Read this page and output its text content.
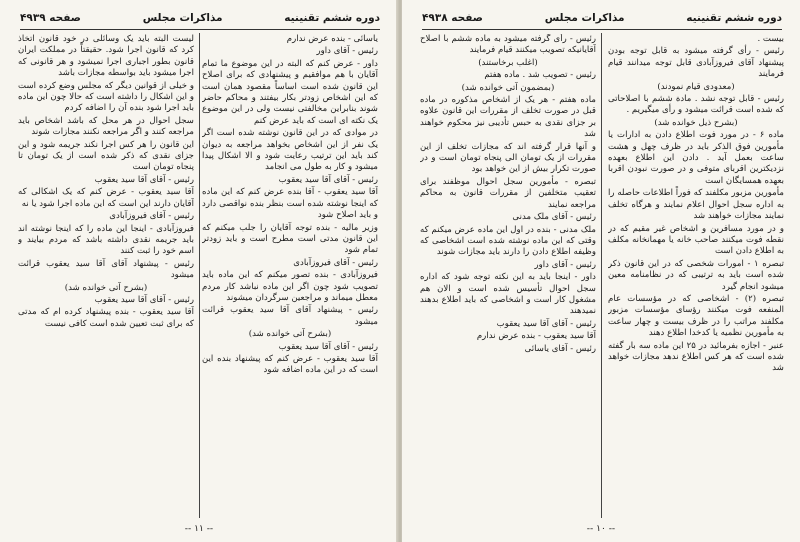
دوره ششم تقنینیه
مذاکرات مجلس
صفحه ۴۹۳۹

یاسائی - بنده عرض ندارم

رئیس - آقای داور

داور - عرض کنم که البته در این موضوع ما تمام آقایان با هم موافقیم و پیشنهادی که برای اصلاح این قانون شده است اساساً مقصود همان است که این اشخاص زودتر بکار بیفتند و محاکم حاضر شوند بنابراین مخالفتی نیست ولی در این موضوع یک نکته ای است که باید عرض کنم

در موادی که در این قانون نوشته شده است اگر یک نفر از این اشخاص بخواهد مراجعه به دیوان کند باید این ترتیب رعایت شود و الا اشکال پیدا میشود و کار به طول می انجامد

رئیس - آقای آقا سید یعقوب

آقا سید یعقوب - آقا بنده عرض کنم که این ماده که اینجا نوشته شده است بنظر بنده نواقصی دارد و باید اصلاح شود

وزیر مالیه - بنده توجه آقایان را جلب میکنم که این قانون مدتی است مطرح است و باید زودتر تمام شود

رئیس - آقای فیروزآبادی

فیروزآبادی - بنده تصور میکنم که این ماده باید تصویب شود چون اگر این ماده نباشد کار مردم معطل میماند و مراجعین سرگردان میشوند

رئیس - پیشنهاد آقای آقا سید یعقوب قرائت میشود

(بشرح آتی خوانده شد)

رئیس - آقای آقا سید یعقوب

آقا سید یعقوب - عرض کنم که پیشنهاد بنده این است که در این ماده اضافه شود

لیست البته باید یک وسائلی در خود قانون اتخاذ کرد که قانون اجرا شود. حقیقتاً در مملکت ایران قانون بطور اجباری اجرا نمیشود و هر قانونی که اجرا میشود باید بواسطه مجازات باشد

و خیلی از قوانین دیگر که مجلس وضع کرده است و این اشکال را داشته است که حالا چون این ماده باید اجرا شود بنده آن را اضافه کردم

سجل احوال در هر محل که باشد اشخاص باید مراجعه کنند و اگر مراجعه نکنند مجازات شوند

این قانون را هر کس اجرا نکند جریمه شود و این جزای نقدی که ذکر شده است از یک تومان تا پنجاه تومان است

رئیس - آقای آقا سید یعقوب

آقا سید یعقوب - عرض کنم که یک اشکالی که آقایان دارند این است که این ماده اجرا شود یا نه

رئیس - آقای فیروزآبادی

فیروزآبادی - اینجا این ماده را که اینجا نوشته اند باید جریمه نقدی داشته باشد که مردم بیایند و اسم خود را ثبت کنند

رئیس - پیشنهاد آقای آقا سید یعقوب قرائت میشود

(بشرح آتی خوانده شد)

رئیس - آقای آقا سید یعقوب

آقا سید یعقوب - بنده پیشنهاد کرده ام که مدتی که برای ثبت تعیین شده است کافی نیست

-- ۱۱ --
دوره ششم تقنینیه
مذاکرات مجلس
صفحه ۴۹۳۸

بیست .

رئیس - رأی گرفته میشود به قابل توجه بودن پیشنهاد آقای فیروزآبادی قابل توجه میدانند قیام فرمایند

(معدودی قیام نمودند)

رئیس - قابل توجه نشد . مادة ششم با اصلاحاتی که شده است قرائت میشود و رأی میگیریم .

(بشرح ذیل خوانده شد)

ماده ۶ - در مورد فوت اطلاع دادن به ادارات یا مأمورین فوق الذکر باید در ظرف چهل و هشت ساعت بعمل آید . دادن این اطلاع بعهده نزدیکترین اقربای متوفی و در صورت نبودن اقربا بعهده همسایگان است

مأمورین مزبور مکلفند که فوراً اطلاعات حاصله را به اداره سجل احوال اعلام نمایند و هرگاه تخلف نمایند مجازات خواهند شد

و در مورد مسافرین و اشخاص غیر مقیم که در نقطه فوت میکنند صاحب خانه یا مهمانخانه مکلف به اطلاع دادن است

تبصره ۱ - امورات شخصی که در این قانون ذکر شده است باید به ترتیبی که در نظامنامه معین میشود انجام گیرد

تبصره (۲) - اشخاصی که در مؤسسات عام المنفعه فوت میکنند رؤسای مؤسسات مزبور مکلفند مراتب را در ظرف بیست و چهار ساعت به مأمورین نظمیه یا کدخدا اطلاع دهند

عنبر - اجازه بفرمائید در ۲۵ این ماده سه بار گفته شده است که هر کس اطلاع ندهد مجازات خواهد شد

رئیس - رأی گرفته میشود به ماده ششم با اصلاح آقایانیکه تصویب میکنند قیام فرمایند

(اغلب برخاستند)

رئیس - تصویب شد . ماده هفتم

(بمضمون آتی خوانده شد)

ماده هفتم - هر یک از اشخاص مذکوره در ماده قبل در صورت تخلف از مقررات این قانون علاوه بر جزای نقدی به حبس تأدیبی نیز محکوم خواهند شد

و آنها قرار گرفته اند که مجازات تخلف از این مقررات از یک تومان الی پنجاه تومان است و در صورت تکرار بیش از این خواهد بود

تبصره - مأمورین سجل احوال موظفند برای تعقیب متخلفین از مقررات قانون به محاکم مراجعه نمایند

رئیس - آقای ملک مدنی

ملک مدنی - بنده در اول این ماده عرض میکنم که وقتی که این ماده نوشته شده است اشخاصی که وظیفه اطلاع دادن را دارند باید مجازات شوند

رئیس - آقای داور

داور - اینجا باید به این نکته توجه شود که اداره سجل احوال تأسیس شده است و الان هم مشغول کار است و اشخاصی که باید اطلاع بدهند نمیدهند

رئیس - آقای آقا سید یعقوب

آقا سید یعقوب - بنده عرض ندارم

رئیس - آقای یاسائی

-- ۱۰ --
